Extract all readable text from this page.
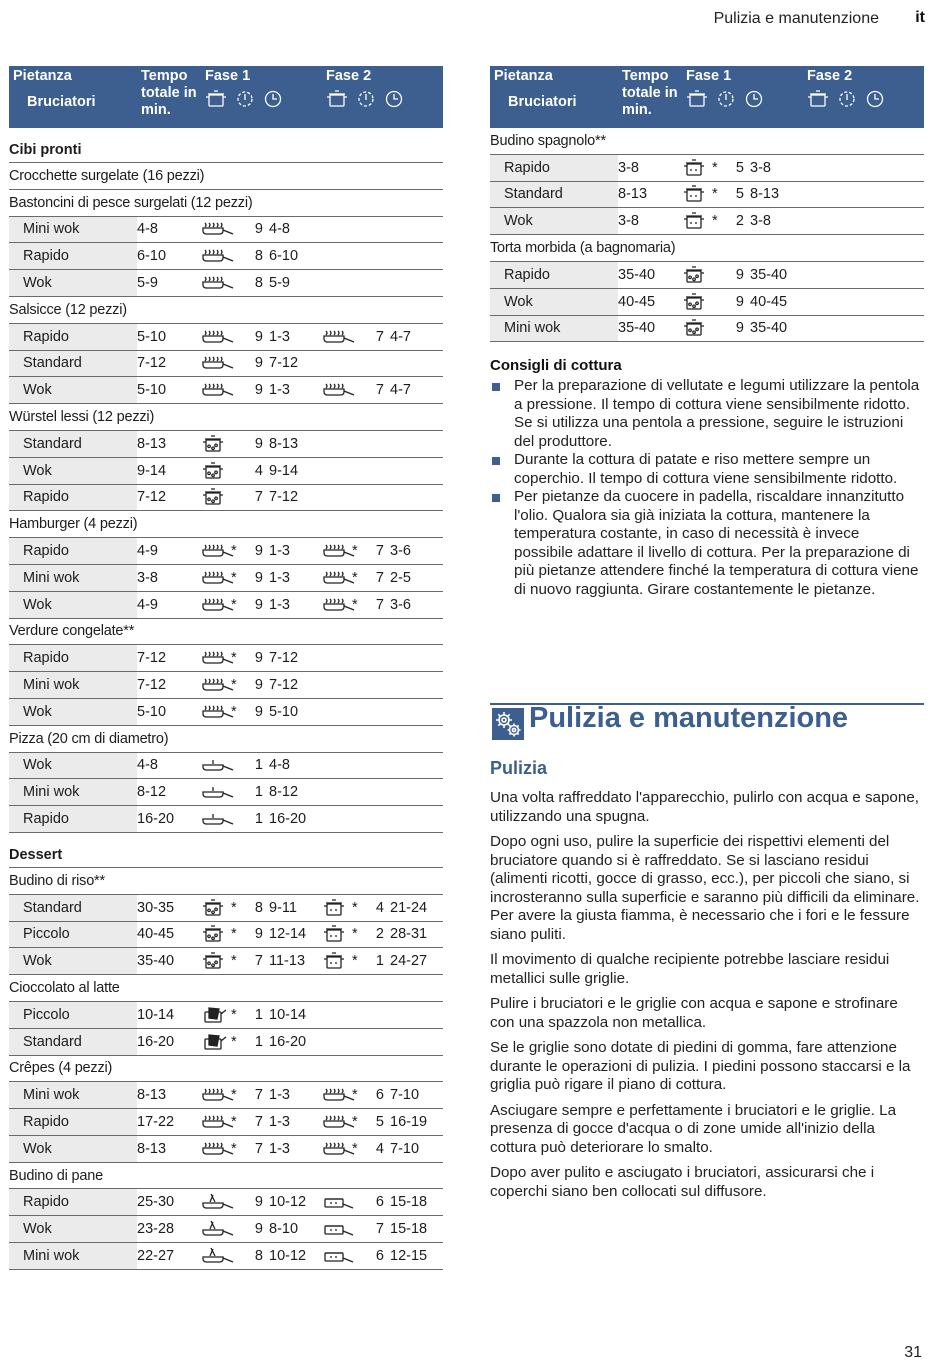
Pulizia e manutenzione it
Pietanza
Bruciatori	Tempo totale in min.	Fase 1	Fase 2

Cibi pronti			
Crocchette surgelate (16 pezzi)			
Bastoncini di pesce surgelati (12 pezzi)			
Mini wok	4-8	9 4-8	

Rapido	6-10	8 6-10	

Wok	5-9	8 5-9	

Salsicce (12 pezzi)			
Rapido	5-10	9 1-3	7 4-7

Standard	7-12	9 7-12	

Wok	5-10	9 1-3	7 4-7

Würstel lessi (12 pezzi)			
Standard	8-13	9 8-13	

Wok	9-14	4 9-14	

Rapido	7-12	7 7-12	

Hamburger (4 pezzi)			
Rapido	4-9	* 9 1-3	* 7 3-6

Mini wok	3-8	* 9 1-3	* 7 2-5

Wok	4-9	* 9 1-3	* 7 3-6

Verdure congelate**			
Rapido	7-12	* 9 7-12	

Mini wok	7-12	* 9 7-12	

Wok	5-10	* 9 5-10	

Pizza (20 cm di diametro)			
Wok	4-8	1 4-8	

Mini wok	8-12	1 8-12	

Rapido	16-20	1 16-20	

Dessert			
Budino di riso**			
Standard	30-35	* 8 9-11	* 4 21-24

Piccolo	40-45	* 9 12-14	* 2 28-31

Wok	35-40	* 7 11-13	* 1 24-27

Cioccolato al latte			
Piccolo	10-14	* 1 10-14	

Standard	16-20	* 1 16-20	

Crêpes (4 pezzi)			
Mini wok	8-13	* 7 1-3	* 6 7-10

Rapido	17-22	* 7 1-3	* 5 16-19

Wok	8-13	* 7 1-3	* 4 7-10

Budino di pane			
Rapido	25-30	9 10-12	6 15-18

Wok	23-28	9 8-10	7 15-18

Mini wok	22-27	8 10-12	6 12-15
Pietanza
Bruciatori	Tempo totale in min.	Fase 1	Fase 2

Budino spagnolo**			
Rapido	3-8	* 5 3-8	

Standard	8-13	* 5 8-13	

Wok	3-8	* 2 3-8	

Torta morbida (a bagnomaria)			
Rapido	35-40	9 35-40	

Wok	40-45	9 40-45	

Mini wok	35-40	9 35-40	

Consigli di cottura
Per la preparazione di vellutate e legumi utilizzare la pentola a pressione. Il tempo di cottura viene sensibilmente ridotto. Se si utilizza una pentola a pressione, seguire le istruzioni del produttore.
Durante la cottura di patate e riso mettere sempre un coperchio. Il tempo di cottura viene sensibilmente ridotto.
Per pietanze da cuocere in padella, riscaldare innanzitutto l'olio. Qualora sia già iniziata la cottura, mantenere la temperatura costante, in caso di necessità è invece possibile adattare il livello di cottura. Per la preparazione di più pietanze attendere finché la temperatura di cottura viene di nuovo raggiunta. Girare costantemente le pietanze.
Pulizia e manutenzione
Pulizia

Una volta raffreddato l'apparecchio, pulirlo con acqua e sapone, utilizzando una spugna.

Dopo ogni uso, pulire la superficie dei rispettivi elementi del bruciatore quando si è raffreddato. Se si lasciano residui (alimenti ricotti, gocce di grasso, ecc.), per piccoli che siano, si incrosteranno sulla superficie e saranno più difficili da eliminare. Per avere la giusta fiamma, è necessario che i fori e le fessure siano puliti.

Il movimento di qualche recipiente potrebbe lasciare residui metallici sulle griglie.

Pulire i bruciatori e le griglie con acqua e sapone e strofinare con una spazzola non metallica.

Se le griglie sono dotate di piedini di gomma, fare attenzione durante le operazioni di pulizia. I piedini possono staccarsi e la griglia può rigare il piano di cottura.

Asciugare sempre e perfettamente i bruciatori e le griglie. La presenza di gocce d'acqua o di zone umide all'inizio della cottura può deteriorare lo smalto.

Dopo aver pulito e asciugato i bruciatori, assicurarsi che i coperchi siano ben collocati sul diffusore.

31
